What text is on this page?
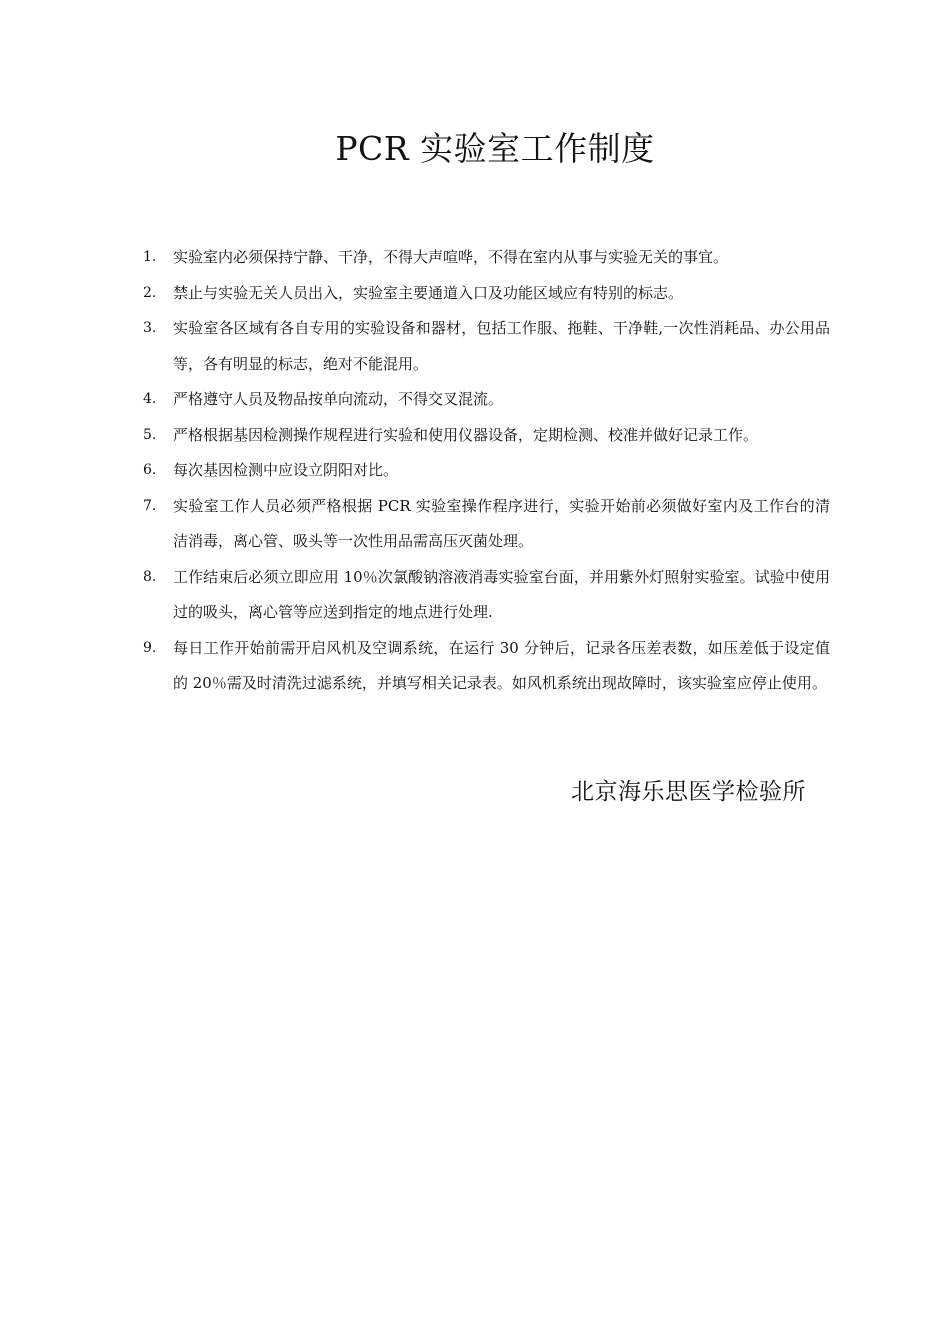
PCR 实验室工作制度
1.	实验室内必须保持宁静、干净，不得大声喧哗，不得在室内从事与实验无关的事宜。
2.	禁止与实验无关人员出入，实验室主要通道入口及功能区域应有特别的标志。
3.	实验室各区域有各自专用的实验设备和器材，包括工作服、拖鞋、干净鞋,一次性消耗品、办公用品等，各有明显的标志，绝对不能混用。
4.	严格遵守人员及物品按单向流动，不得交叉混流。
5.	严格根据基因检测操作规程进行实验和使用仪器设备，定期检测、校准并做好记录工作。
6.	每次基因检测中应设立阴阳对比。
7.	实验室工作人员必须严格根据 PCR 实验室操作程序进行，实验开始前必须做好室内及工作台的清洁消毒，离心管、吸头等一次性用品需高压灭菌处理。
8.	工作结束后必须立即应用 10％次氯酸钠溶液消毒实验室台面，并用紫外灯照射实验室。试验中使用过的吸头，离心管等应送到指定的地点进行处理.
9.	每日工作开始前需开启风机及空调系统，在运行 30 分钟后，记录各压差表数，如压差低于设定值的 20％需及时清洗过滤系统，并填写相关记录表。如风机系统出现故障时，该实验室应停止使用。

北京海乐思医学检验所
